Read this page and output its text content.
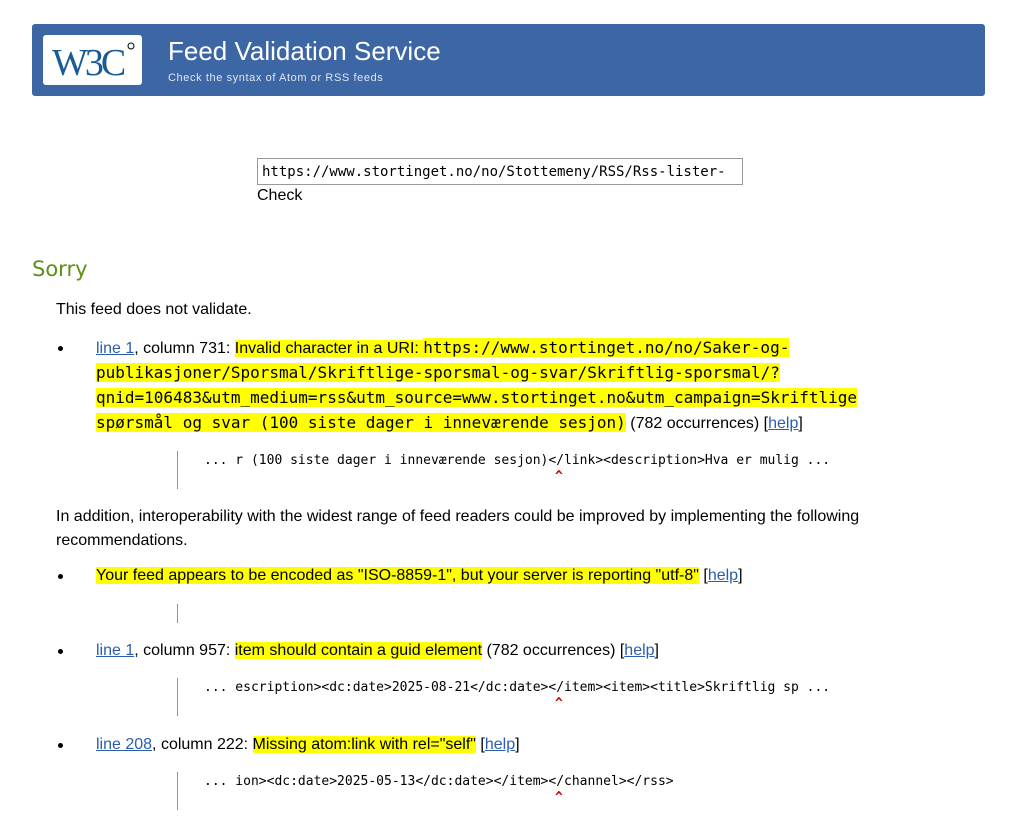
W3C Feed Validation Service
Check the syntax of Atom or RSS feeds
https://www.stortinget.no/no/Stottemeny/RSS/Rss-lister-
Check
Sorry
This feed does not validate.
line 1, column 731: Invalid character in a URI: https://www.stortinget.no/no/Saker-og-
publikasjoner/Sporsmal/Skriftlige-sporsmal-og-svar/Skriftlig-sporsmal/?
qnid=106483&utm_medium=rss&utm_source=www.stortinget.no&utm_campaign=Skriftlige
spørsmål og svar (100 siste dager i inneværende sesjon) (782 occurrences) [help]
... r (100 siste dager i inneværende sesjon)</link><description>Hva er mulig ...
^
In addition, interoperability with the widest range of feed readers could be improved by implementing the following
recommendations.
Your feed appears to be encoded as "ISO-8859-1", but your server is reporting "utf-8" [help]
line 1, column 957: item should contain a guid element (782 occurrences) [help]
... escription><dc:date>2025-08-21</dc:date></item><item><title>Skriftlig sp ...
^
line 208, column 222: Missing atom:link with rel="self" [help]
... ion><dc:date>2025-05-13</dc:date></item></channel></rss>
^
